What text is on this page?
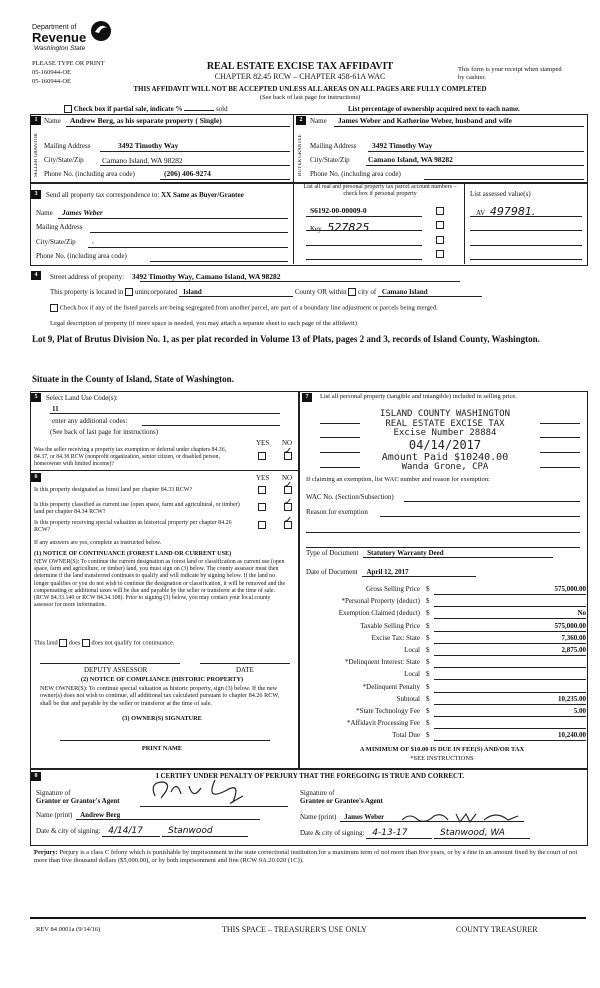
Department of
Revenue
Washington State
PLEASE TYPE OR PRINT
05-160944-OE
05-160944-OE
REAL ESTATE EXCISE TAX AFFIDAVIT
CHAPTER 82.45 RCW – CHAPTER 458-61A WAC
This form is your receipt when stamped by cashier.
THIS AFFIDAVIT WILL NOT BE ACCEPTED UNLESS ALL AREAS ON ALL PAGES ARE FULLY COMPLETED
(See back of last page for instructions)
Check box if partial sale, indicate %	sold	List percentage of ownership acquired next to each name.
1
SELLER GRANTOR
Name Andrew Berg, as his separate property ( Single)
Mailing Address	3492 Timothy Way
City/State/Zip Camano Island, WA 98282
Phone No. (including area code)	(206) 406-9274
2
BUYER GRANTEE
Name James Weber and Katherine Weber, husband and wife
Mailing Address 3492 Timothy Way
City/State/Zip Camano Island, WA 98282
Phone No. (including area code)
3	Send all property tax correspondence to: XX Same as Buyer/Grantee
Name James Weber
Mailing Address
City/State/Zip ,
Phone No. (including area code)
List all real and personal property tax parcel account numbers – check box if personal property
S6192-00-00009-0
Key 527825
List assessed value(s)
AV 497981.
4	Street address of property: 3492 Timothy Way, Camano Island, WA 98282
This property is located in unincorporated Island	County OR within city of Camano Island
Check box if any of the listed parcels are being segregated from another parcel, are part of a boundary line adjustment or parcels being merged.
Legal description of property (if more space is needed, you may attach a separate sheet to each page of the affidavit)
Lot 9, Plat of Brutus Division No. 1, as per plat recorded in Volume 13 of Plats, pages 2 and 3, records of Island County, Washington.
Situate in the County of Island, State of Washington.
5	Select Land Use Code(s):
11
enter any additional codes:
(See back of last page for instructions)
YES NO
Was the seller receiving a property tax exemption or deferral under chapters 84.36, 84.37, or 84.38 RCW (nonprofit organization, senior citizen, or disabled person, homeowner with limited income)?
✓
6	YES NO
Is this property designated as forest land per chapter 84.33 RCW?	✓
Is this property classified as current use (open space, farm and agricultural, or timber) land per chapter 84.34 RCW?
✓
Is this property receiving special valuation as historical property per chapter 84.26 RCW?
✓
If any answers are yes, complete as instructed below.
(1) NOTICE OF CONTINUANCE (FOREST LAND OR CURRENT USE)
NEW OWNER(S): To continue the current designation as forest land or classification as current use (open space, farm and agriculture, or timber) land, you must sign on (3) below. The county assessor must then determine if the land transferred continues to qualify and will indicate by signing below. If the land no longer qualifies or you do not wish to continue the designation or classification, it will be removed and the compensating or additional taxes will be due and payable by the seller or transferor at the time of sale. (RCW 84.33.140 or RCW 84.34.108). Prior to signing (3) below, you may contact your local county assessor for more information.
This land does does not qualify for continuance.
DEPUTY ASSESSOR	DATE
(2) NOTICE OF COMPLIANCE (HISTORIC PROPERTY)
NEW OWNER(S): To continue special valuation as historic property, sign (3) below. If the new owner(s) does not wish to continue, all additional tax calculated pursuant to chapter 84.26 RCW, shall be due and payable by the seller or transferor at the time of sale.
(3) OWNER(S) SIGNATURE
PRINT NAME
7	List all personal property (tangible and intangible) included in selling price.
ISLAND COUNTY WASHINGTON
REAL ESTATE EXCISE TAX
Excise Number 28884
04/14/2017
Amount Paid $10240.00
Wanda Grone, CPA
If claiming an exemption, list WAC number and reason for exemption:
WAC No. (Section/Subsection)
Reason for exemption
Type of Document Statutory Warranty Deed
Date of Document April 12, 2017
Gross Selling Price $	575,000.00
*Personal Property (deduct) $
Exemption Claimed (deduct) $	No
Taxable Selling Price $	575,000.00
Excise Tax: State $	7,360.00
Local $	2,875.00
*Delinquent Interest: State $
Local $
*Delinquent Penalty $
Subtotal $	10,235.00
*State Technology Fee $	5.00
*Affidavit Processing Fee $
Total Due $	10,240.00
A MINIMUM OF $10.00 IS DUE IN FEE(S) AND/OR TAX
*SEE INSTRUCTIONS
8	I CERTIFY UNDER PENALTY OF PERJURY THAT THE FOREGOING IS TRUE AND CORRECT.
Signature of
Grantor or Grantor's Agent
Name (print) Andrew Berg
Date & city of signing: 4/14/17	Stanwood
Signature of
Grantee or Grantee's Agent
Name (print) James Weber
Date & city of signing: 4-13-17	Stanwood, WA
Perjury: Perjury is a class C felony which is punishable by imprisonment in the state correctional institution for a maximum term of not more than five years, or by a fine in an amount fixed by the court of not more than five thousand dollars ($5,000.00), or by both imprisonment and fine (RCW 9A.20.020 (1C)).
REV 84 0001a (9/14/16)	THIS SPACE – TREASURER'S USE ONLY	COUNTY TREASURER
